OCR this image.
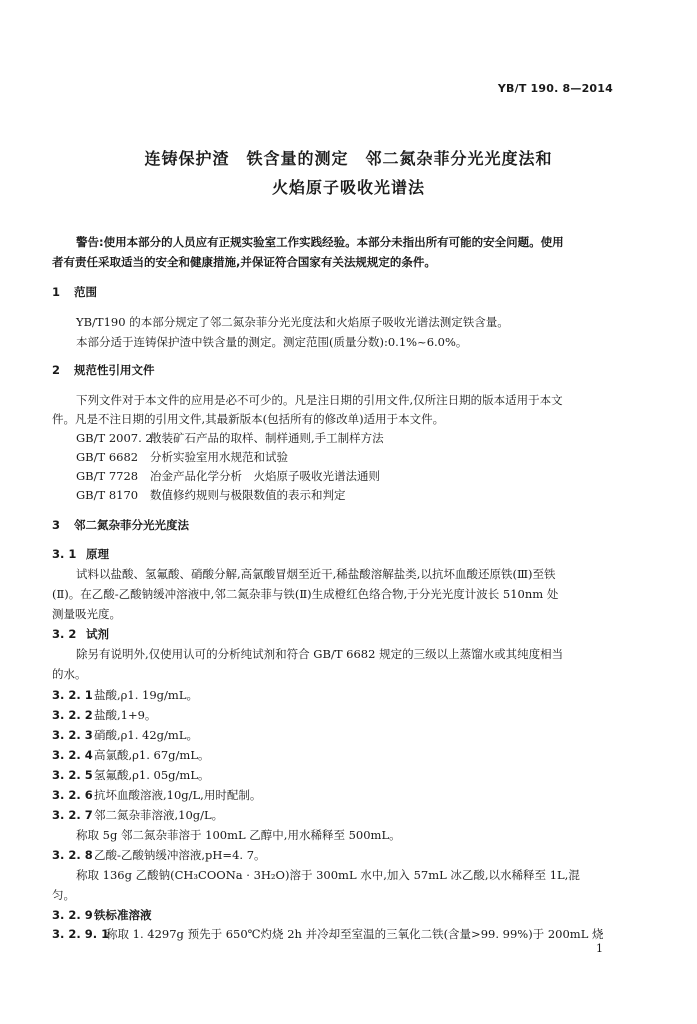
YB/T 190. 8—2014
连铸保护渣　铁含量的测定　邻二氮杂菲分光光度法和
火焰原子吸收光谱法
警告:使用本部分的人员应有正规实验室工作实践经验。本部分未指出所有可能的安全问题。使用
者有责任采取适当的安全和健康措施,并保证符合国家有关法规规定的条件。
1 范围
YB/T190 的本部分规定了邻二氮杂菲分光光度法和火焰原子吸收光谱法测定铁含量。
本部分适于连铸保护渣中铁含量的测定。测定范围(质量分数):0.1%~6.0%。
2 规范性引用文件
下列文件对于本文件的应用是必不可少的。凡是注日期的引用文件,仅所注日期的版本适用于本文
件。凡是不注日期的引用文件,其最新版本(包括所有的修改单)适用于本文件。
GB/T 2007. 2
散装矿石产品的取样、制样通则,手工制样方法
GB/T 6682 分析实验室用水规范和试验
GB/T 7728 冶金产品化学分析　火焰原子吸收光谱法通则
GB/T 8170 数值修约规则与极限数值的表示和判定
3 邻二氮杂菲分光光度法
3. 1 原理
试料以盐酸、氢氟酸、硝酸分解,高氯酸冒烟至近干,稀盐酸溶解盐类,以抗坏血酸还原铁(Ⅲ)至铁
(Ⅱ)。在乙酸-乙酸钠缓冲溶液中,邻二氮杂菲与铁(Ⅱ)生成橙红色络合物,于分光光度计波长 510nm 处
测量吸光度。
3. 2 试剂
除另有说明外,仅使用认可的分析纯试剂和符合 GB/T 6682 规定的三级以上蒸馏水或其纯度相当
的水。
3. 2. 1 盐酸,ρ1. 19g/mL。
3. 2. 2 盐酸,1+9。
3. 2. 3 硝酸,ρ1. 42g/mL。
3. 2. 4 高氯酸,ρ1. 67g/mL。
3. 2. 5 氢氟酸,ρ1. 05g/mL。
3. 2. 6 抗坏血酸溶液,10g/L,用时配制。
3. 2. 7 邻二氮杂菲溶液,10g/L。
称取 5g 邻二氮杂菲溶于 100mL 乙醇中,用水稀释至 500mL。
3. 2. 8 乙酸-乙酸钠缓冲溶液,pH=4. 7。
称取 136g 乙酸钠(CH₃COONa · 3H₂O)溶于 300mL 水中,加入 57mL 冰乙酸,以水稀释至 1L,混
匀。
3. 2. 9 铁标准溶液
3. 2. 9. 1
称取 1. 4297g 预先于 650℃灼烧 2h 并冷却至室温的三氧化二铁(含量>99. 99%)于 200mL 烧
1
